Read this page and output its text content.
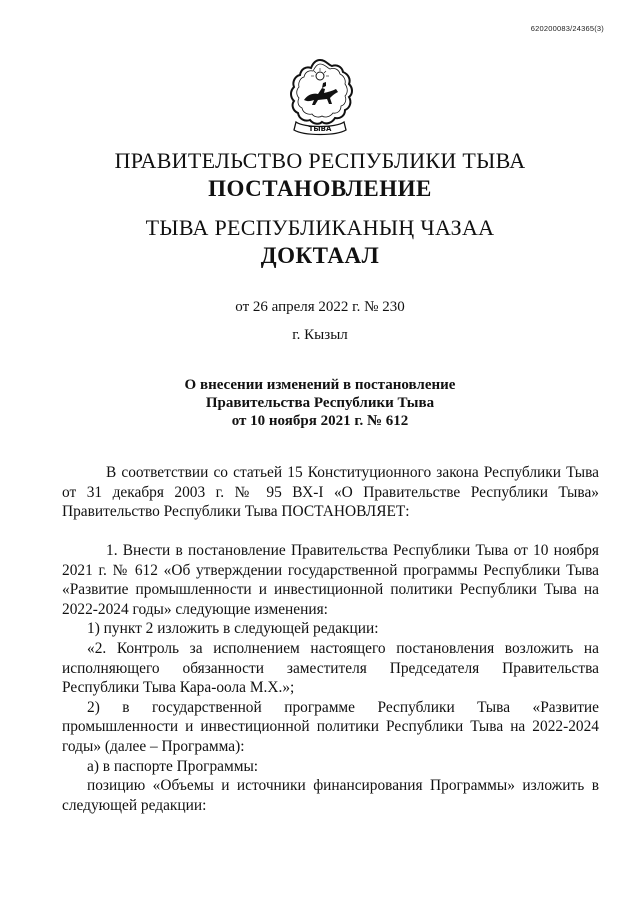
620200083/24365(3)
ТЫВА
ПРАВИТЕЛЬСТВО РЕСПУБЛИКИ ТЫВА
ПОСТАНОВЛЕНИЕ
ТЫВА РЕСПУБЛИКАНЫҢ ЧАЗАА
ДОКТААЛ
от 26 апреля 2022 г. № 230
г. Кызыл
О внесении изменений в постановление
Правительства Республики Тыва
от 10 ноября 2021 г. № 612

В соответствии со статьей 15 Конституционного закона Республики Тыва от 31 декабря 2003 г. № 95 ВХ-I «О Правительстве Республики Тыва» Правительство Республики Тыва ПОСТАНОВЛЯЕТ:

1. Внести в постановление Правительства Республики Тыва от 10 ноября 2021 г. № 612 «Об утверждении государственной программы Республики Тыва «Развитие промышленности и инвестиционной политики Республики Тыва на 2022-2024 годы» следующие изменения:

1) пункт 2 изложить в следующей редакции:

«2. Контроль за исполнением настоящего постановления возложить на исполняющего обязанности заместителя Председателя Правительства Республики Тыва Кара-оола М.Х.»;

2) в государственной программе Республики Тыва «Развитие промышленности и инвестиционной политики Республики Тыва на 2022-2024 годы» (далее – Программа):

а) в паспорте Программы:

позицию «Объемы и источники финансирования Программы» изложить в следующей редакции:
